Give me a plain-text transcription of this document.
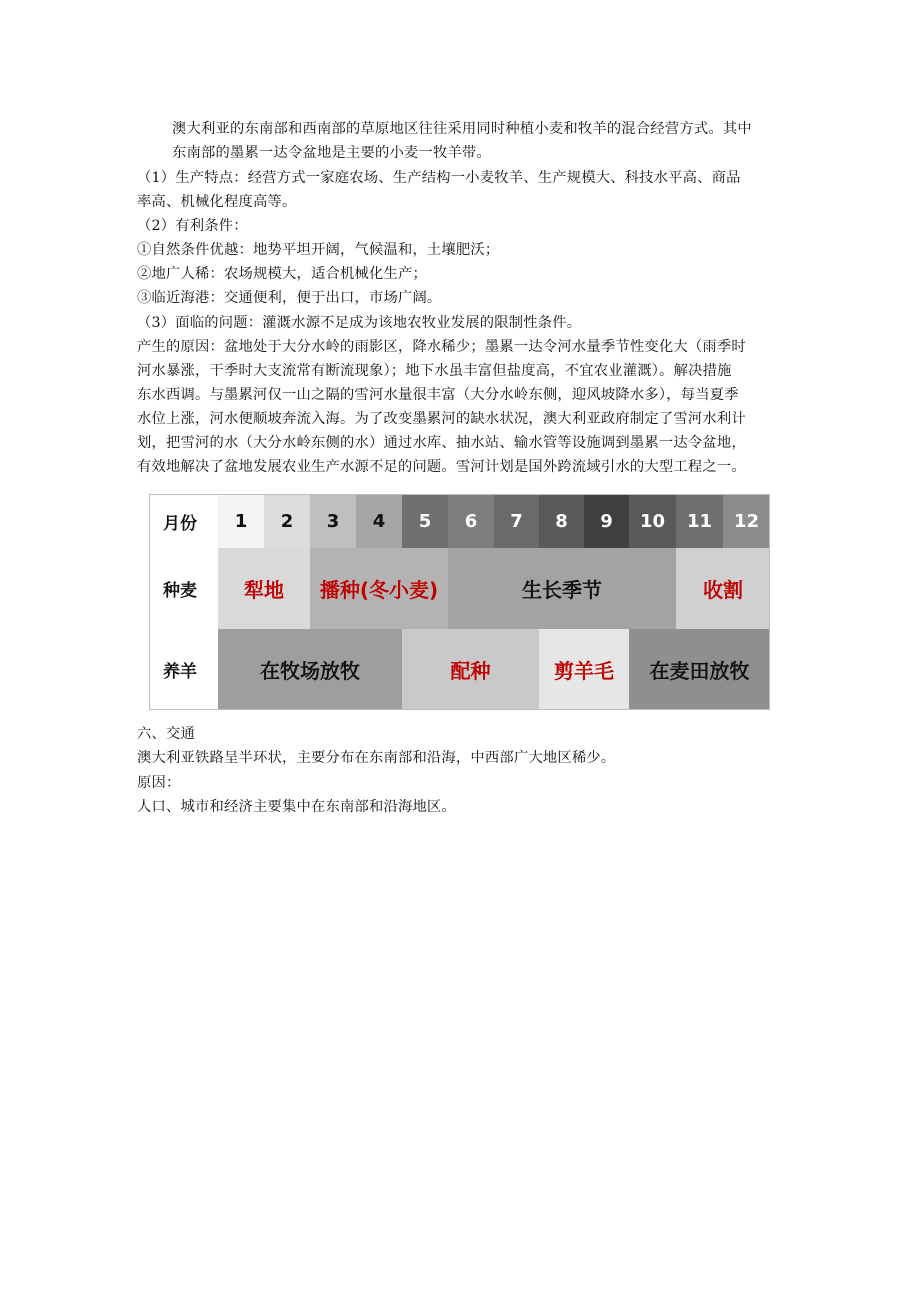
澳大利亚的东南部和西南部的草原地区往往采用同时种植小麦和牧羊的混合经营方式。其中
东南部的墨累一达令盆地是主要的小麦一牧羊带。
（1）生产特点：经营方式一家庭农场、生产结构一小麦牧羊、生产规模大、科技水平高、商品
率高、机械化程度高等。
（2）有利条件：
①自然条件优越：地势平坦开阔，气候温和，土壤肥沃；
②地广人稀：农场规模大，适合机械化生产；
③临近海港：交通便利，便于出口，市场广阔。
（3）面临的问题：灌溉水源不足成为该地农牧业发展的限制性条件。
产生的原因：盆地处于大分水岭的雨影区，降水稀少；墨累一达令河水量季节性变化大（雨季时
河水暴涨，干季时大支流常有断流现象）；地下水虽丰富但盐度高，不宜农业灌溉）。解决措施
东水西调。与墨累河仅一山之隔的雪河水量很丰富（大分水岭东侧，迎风坡降水多），每当夏季
水位上涨，河水便顺坡奔流入海。为了改变墨累河的缺水状况，澳大利亚政府制定了雪河水利计
划，把雪河的水（大分水岭东侧的水）通过水库、抽水站、输水管等设施调到墨累一达令盆地，
有效地解决了盆地发展农业生产水源不足的问题。雪河计划是国外跨流域引水的大型工程之一。
月份	1	2	3	4	5	6	7	8	9	10	11	12
种麦	犁地	播种(冬小麦)	生长季节	收割
养羊	在牧场放牧	配种	剪羊毛	在麦田放牧
六、交通
澳大利亚铁路呈半环状，主要分布在东南部和沿海，中西部广大地区稀少。
原因：
人口、城市和经济主要集中在东南部和沿海地区。
